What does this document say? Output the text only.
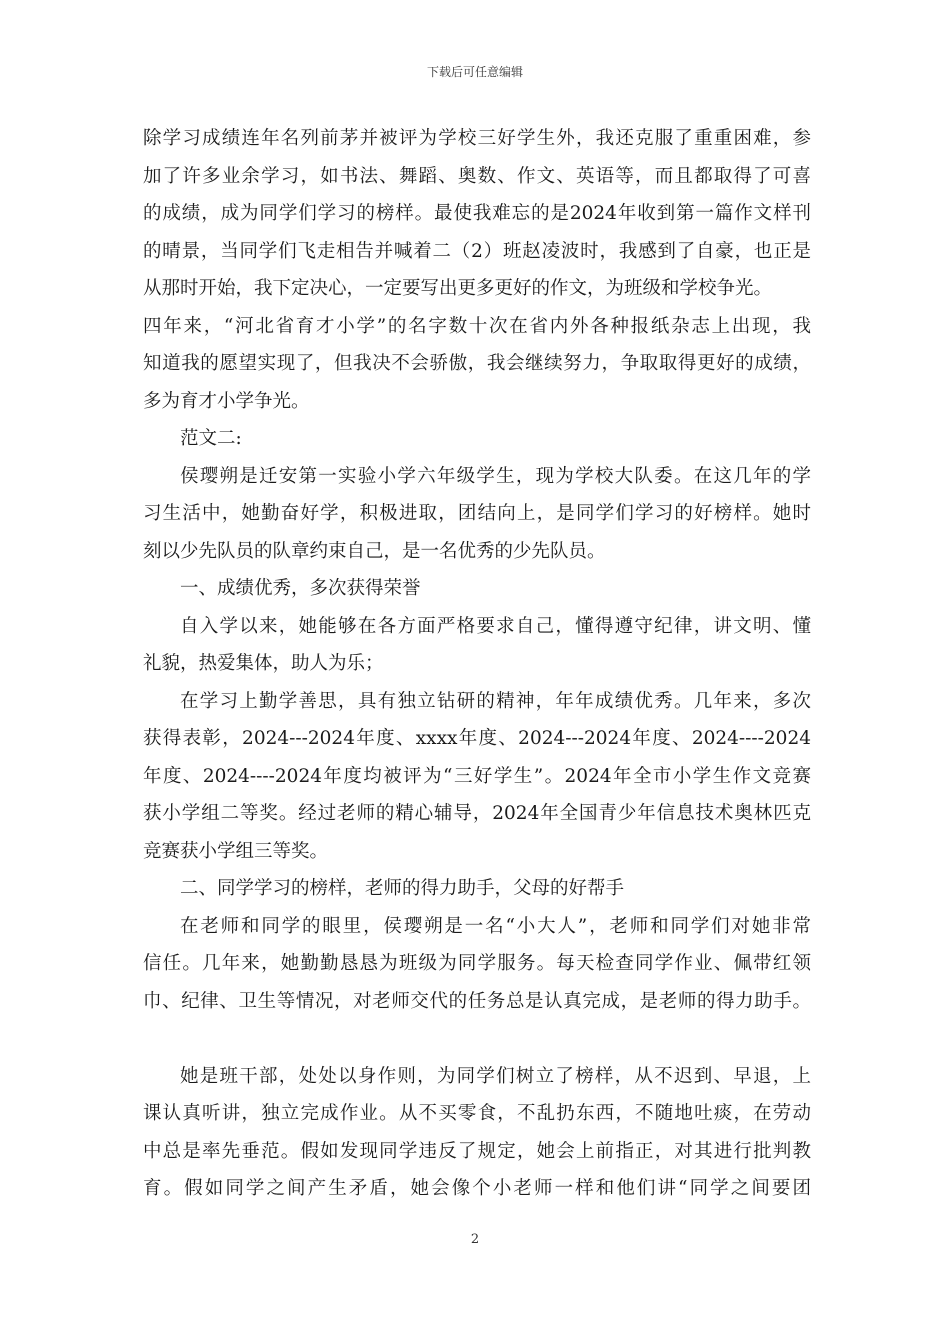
下载后可任意编辑
除学习成绩连年名列前茅并被评为学校三好学生外，我还克服了重重困难，参
加了许多业余学习，如书法、舞蹈、奥数、作文、英语等，而且都取得了可喜
的成绩，成为同学们学习的榜样。最使我难忘的是2024年收到第一篇作文样刊
的晴景，当同学们飞走相告并喊着二（2）班赵凌波时，我感到了自豪，也正是
从那时开始，我下定决心，一定要写出更多更好的作文，为班级和学校争光。
四年来，“河北省育才小学”的名字数十次在省内外各种报纸杂志上出现，我
知道我的愿望实现了，但我决不会骄傲，我会继续努力，争取取得更好的成绩，
多为育才小学争光。
范文二:
侯璎朔是迁安第一实验小学六年级学生，现为学校大队委。在这几年的学
习生活中，她勤奋好学，积极进取，团结向上，是同学们学习的好榜样。她时
刻以少先队员的队章约束自己，是一名优秀的少先队员。
一、成绩优秀，多次获得荣誉
自入学以来，她能够在各方面严格要求自己，懂得遵守纪律，讲文明、懂
礼貌，热爱集体，助人为乐；
在学习上勤学善思，具有独立钻研的精神，年年成绩优秀。几年来，多次
获得表彰，2024---2024年度、xxxx年度、2024---2024年度、2024----2024
年度、2024----2024年度均被评为“三好学生”。2024年全市小学生作文竞赛
获小学组二等奖。经过老师的精心辅导，2024年全国青少年信息技术奥林匹克
竞赛获小学组三等奖。
二、同学学习的榜样，老师的得力助手，父母的好帮手
在老师和同学的眼里，侯璎朔是一名“小大人”，老师和同学们对她非常
信任。几年来，她勤勤恳恳为班级为同学服务。每天检查同学作业、佩带红领
巾、纪律、卫生等情况，对老师交代的任务总是认真完成，是老师的得力助手。
她是班干部，处处以身作则，为同学们树立了榜样，从不迟到、早退，上
课认真听讲，独立完成作业。从不买零食，不乱扔东西，不随地吐痰，在劳动
中总是率先垂范。假如发现同学违反了规定，她会上前指正，对其进行批判教
育。假如同学之间产生矛盾，她会像个小老师一样和他们讲“同学之间要团
2
